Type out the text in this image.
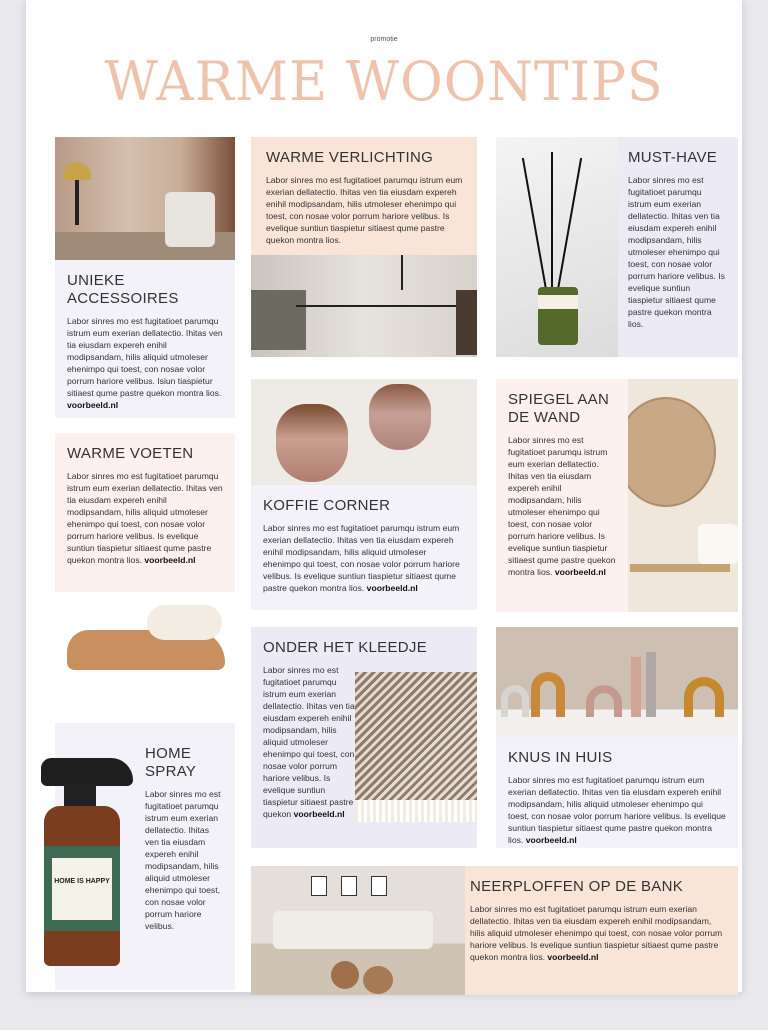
promotie
WARME WOONTIPS
UNIEKE ACCESSOIRES

Labor sinres mo est fugitatioet parumqu istrum eum exerian dellatectio. Ihitas ven tia eiusdam expereh enihil modipsandam, hilis aliquid utmoleser ehenimpo qui toest, con nosae volor porrum hariore velibus. Isiun tiaspietur sitiaest qume pastre quekon montra lios. voorbeeld.nl

WARME VOETEN

Labor sinres mo est fugitatioet parumqu istrum eum exerian dellatectio. Ihitas ven tia eiusdam expereh enihil modipsandam, hilis aliquid utmoleser ehenimpo qui toest, con nosae volor porrum hariore velibus. Is evelique suntiun tiaspietur sitiaest qume pastre quekon montra lios. voorbeeld.nl

HOME SPRAY

Labor sinres mo est fugitatioet parumqu istrum eum exerian dellatectio. Ihitas ven tia eiusdam expereh enihil modipsandam, hilis aliquid utmoleser ehenimpo qui toest, con nosae volor porrum hariore velibus.

HOME IS HAPPY
WARME VERLICHTING

Labor sinres mo est fugitatioet parumqu istrum eum exerian dellatectio. Ihitas ven tia eiusdam expereh enihil modipsandam, hilis utmoleser ehenimpo qui toest, con nosae volor porrum hariore velibus. Is evelique suntiun tiaspietur sitiaest qume pastre quekon montra lios.

KOFFIE CORNER

Labor sinres mo est fugitatioet parumqu istrum eum exerian dellatectio. Ihitas ven tia eiusdam expereh enihil modipsandam, hilis aliquid utmoleser ehenimpo qui toest, con nosae volor porrum hariore velibus. Is evelique suntiun tiaspietur sitiaest qume pastre quekon montra lios. voorbeeld.nl

ONDER HET KLEEDJE

Labor sinres mo est fugitatioet parumqu istrum eum exerian dellatectio. Ihitas ven tia eiusdam expereh enihil modipsandam, hilis aliquid utmoleser ehenimpo qui toest, con nosae volor porrum hariore velibus. Is evelique suntiun tiaspietur sitiaest pastre quekon voorbeeld.nl

NEERPLOFFEN OP DE BANK

Labor sinres mo est fugitatioet parumqu istrum eum exerian dellatectio. Ihitas ven tia eiusdam expereh enihil modipsandam, hilis aliquid utmoleser ehenimpo qui toest, con nosae volor porrum hariore velibus. Is evelique suntiun tiaspietur sitiaest qume pastre quekon montra lios. voorbeeld.nl

MUST-HAVE

Labor sinres mo est fugitatioet parumqu istrum eum exerian dellatectio. Ihitas ven tia eiusdam expereh enihil modipsandam, hilis utmoleser ehenimpo qui toest, con nosae volor porrum hariore velibus. Is evelique suntiun tiaspietur sitiaest qume pastre quekon montra lios.

SPIEGEL AAN DE WAND

Labor sinres mo est fugitatioet parumqu istrum eum exerian dellatectio. Ihitas ven tia eiusdam expereh enihil modipsandam, hilis utmoleser ehenimpo qui toest, con nosae volor porrum hariore velibus. Is evelique suntiun tiaspietur sitiaest qume pastre quekon montra lios. voorbeeld.nl

KNUS IN HUIS

Labor sinres mo est fugitatioet parumqu istrum eum exerian dellatectio. Ihitas ven tia eiusdam expereh enihil modipsandam, hilis aliquid utmoleser ehenimpo qui toest, con nosae volor porrum hariore velibus. Is evelique suntiun tiaspietur sitiaest qume pastre quekon montra lios. voorbeeld.nl
